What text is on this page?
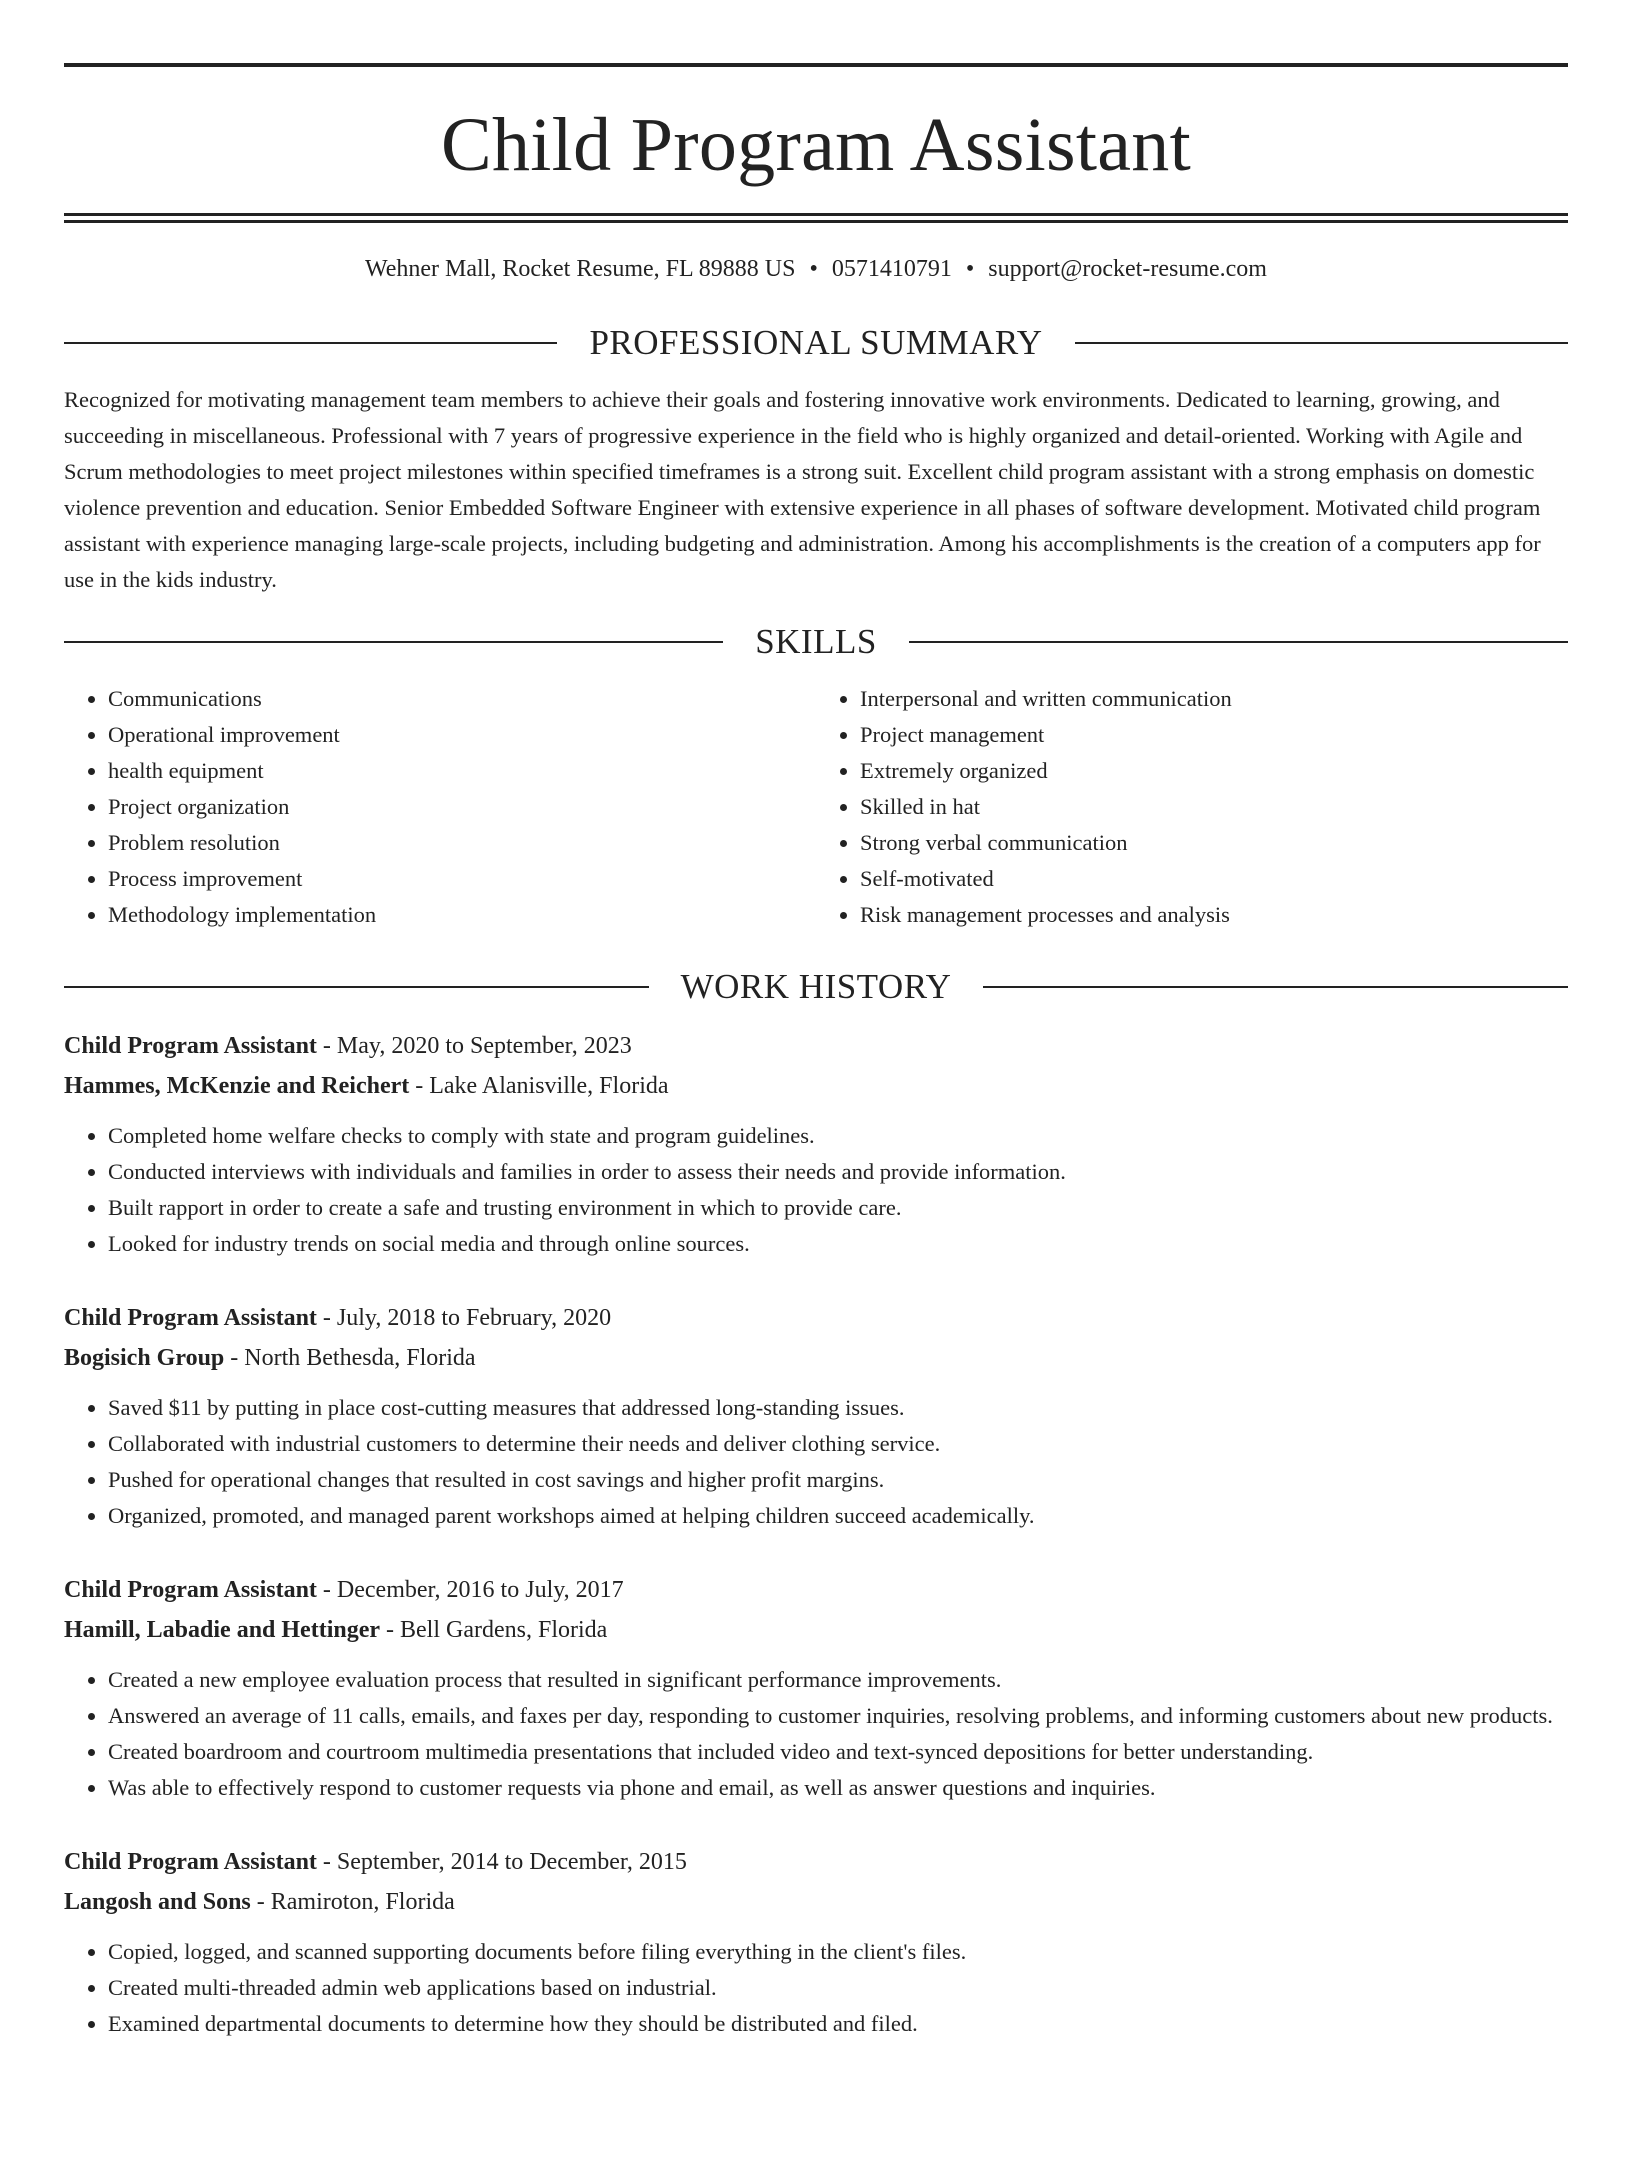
Child Program Assistant
Wehner Mall, Rocket Resume, FL 89888 US • 0571410791 • support@rocket-resume.com
PROFESSIONAL SUMMARY

Recognized for motivating management team members to achieve their goals and fostering innovative work environments. Dedicated to learning, growing, and succeeding in miscellaneous. Professional with 7 years of progressive experience in the field who is highly organized and detail-oriented. Working with Agile and Scrum methodologies to meet project milestones within specified timeframes is a strong suit. Excellent child program assistant with a strong emphasis on domestic violence prevention and education. Senior Embedded Software Engineer with extensive experience in all phases of software development. Motivated child program assistant with experience managing large-scale projects, including budgeting and administration. Among his accomplishments is the creation of a computers app for use in the kids industry.

SKILLS
• Communications
• Operational improvement
• health equipment
• Project organization
• Problem resolution
• Process improvement
• Methodology implementation
• Interpersonal and written communication
• Project management
• Extremely organized
• Skilled in hat
• Strong verbal communication
• Self-motivated
• Risk management processes and analysis
WORK HISTORY
Child Program Assistant - May, 2020 to September, 2023
Hammes, McKenzie and Reichert - Lake Alanisville, Florida
• Completed home welfare checks to comply with state and program guidelines.
• Conducted interviews with individuals and families in order to assess their needs and provide information.
• Built rapport in order to create a safe and trusting environment in which to provide care.
• Looked for industry trends on social media and through online sources.
Child Program Assistant - July, 2018 to February, 2020
Bogisich Group - North Bethesda, Florida
• Saved $11 by putting in place cost-cutting measures that addressed long-standing issues.
• Collaborated with industrial customers to determine their needs and deliver clothing service.
• Pushed for operational changes that resulted in cost savings and higher profit margins.
• Organized, promoted, and managed parent workshops aimed at helping children succeed academically.
Child Program Assistant - December, 2016 to July, 2017
Hamill, Labadie and Hettinger - Bell Gardens, Florida
• Created a new employee evaluation process that resulted in significant performance improvements.
• Answered an average of 11 calls, emails, and faxes per day, responding to customer inquiries, resolving problems, and informing customers about new products.
• Created boardroom and courtroom multimedia presentations that included video and text-synced depositions for better understanding.
• Was able to effectively respond to customer requests via phone and email, as well as answer questions and inquiries.
Child Program Assistant - September, 2014 to December, 2015
Langosh and Sons - Ramiroton, Florida
• Copied, logged, and scanned supporting documents before filing everything in the client's files.
• Created multi-threaded admin web applications based on industrial.
• Examined departmental documents to determine how they should be distributed and filed.
